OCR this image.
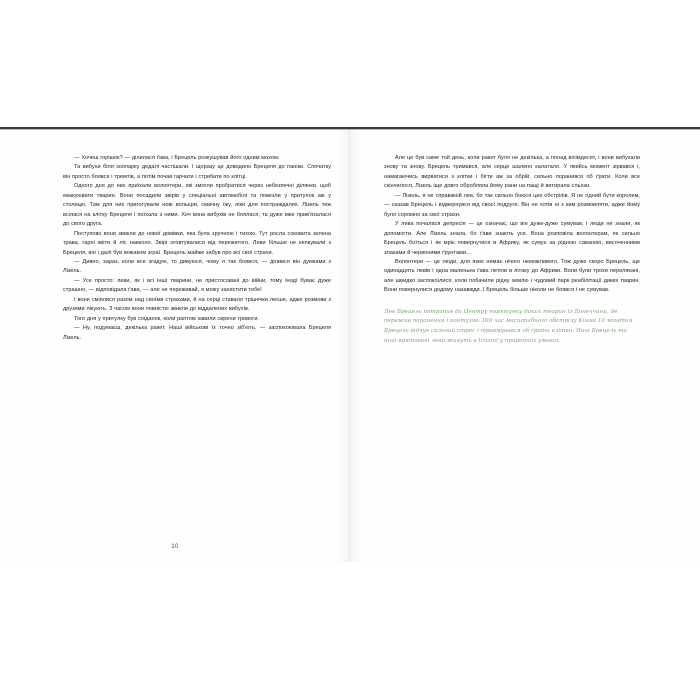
— Хочеш горішок? — ділилася ґава, і Брецель розкушував його одним махом.

Та вибухи біля зоопарку дедалі частішали. І щоразу це доводило Брецеля до панiки. Спочатку він просто боявся і тремтів, а потім почав гарчати і стрибати по клітці.

Одного дня до них приїхали волонтери, які змогли пробратися через небезпечні ділянки, щоб евакуювати тварин. Вони посадили звірів у спеціальні автомобілі та повезли у притулок аж у столицю. Там для них приготували нові вольєри, смачну їжу, ліки для постраждалих. Лізель теж всілася на клітку Брецеля і поїхала з ними. Хоч вона вибухів не боялася, та дуже вже прив'язалася до свого друга.

Поступово вони звикли до нової домівки, яка була зручною і тихою. Тут росла соковита зелена трава, гарні квіти й ліс навколо. Звірі оговтувалися від пережитого. Леви більше не кепкували з Брецеля, він і далі був вожаком зграї. Брецель майже забув про всі свої страхи.

— Дивно, зараз, коли все згадую, то дивуюся, чому я так боявся, — ділився він думками з Лізель.

— Усе просто: леви, як і всі інші тварини, не пристосовані до війни, тому іноді буває дуже страшно, — відповідала ґава, — але не переживай, я можу захистити тебе!

І вони сміялися разом над своїми страхами, й на серці ставало трішечки легше, адже розмови з друзями лікують. З часом вони повністю звикли до віддалених вибухів.

Того дня у притулку був сніданок, коли раптом завили сирени тривоги.

— Ну, подумаєш, декілька ракет. Наші військові їх точно зіб'ють, — заспокоювала Брецеля Лізель.

10

Але це був саме той день, коли ракет було не декілька, а понад вісімдесят, і вони вибухали знову та знову. Брецель тримався, але серце шалено калатало. У якийсь момент зірвався і, намагаючись вирватися з клітки і бігти аж за обрій, сильно поранився об ґрати. Коли все скінчилося, Лізель іще довго обробляла йому рани на пащі й витирала сльози.

— Лізель, я не справжній лев, бо так сильно боюся цих обстрілів. Я не гідний бути королем, — сказав Брецель і відвернувся від своєї подруги. Він не хотів ні з ким розмовляти, адже йому було соромно за свої страхи.

У лева почалася депресія — це означає, що він дуже-дуже сумував, і люди не знали, як допомогти. Але Лізель знала, бо ґави знають усе. Вона розповіла волонтерам, як сильно Брецель боїться і як мріє повернутися в Африку, як сумує за рідною саваною, височенними злаками й червоними ґрунтами...

Волонтери — це люди, для яких немає нічого неможливого. Тож дуже скоро Брецель, ще одинадцять левів і одна маленька ґава летіли в літаку до Африки. Вони були трохи перелякані, але швидко заспокоїлися, коли побачили рідну землю і чудовий парк реабілітації диких тварин. Вони повернулися додому назавжди. І Брецель більше ніколи не боявся і не сумував.

Лев Брецель потрапив до Центру порятунку диких тварин із Донеччини, де пережив поранення і контузію. Під час масштабного обстрілу Києва 10 жовтня Брецель відчув сильний стрес і травмувався об ґрати клітки. Нині Брецель та інші врятовані леви живуть в Іспанії у природних умовах.
